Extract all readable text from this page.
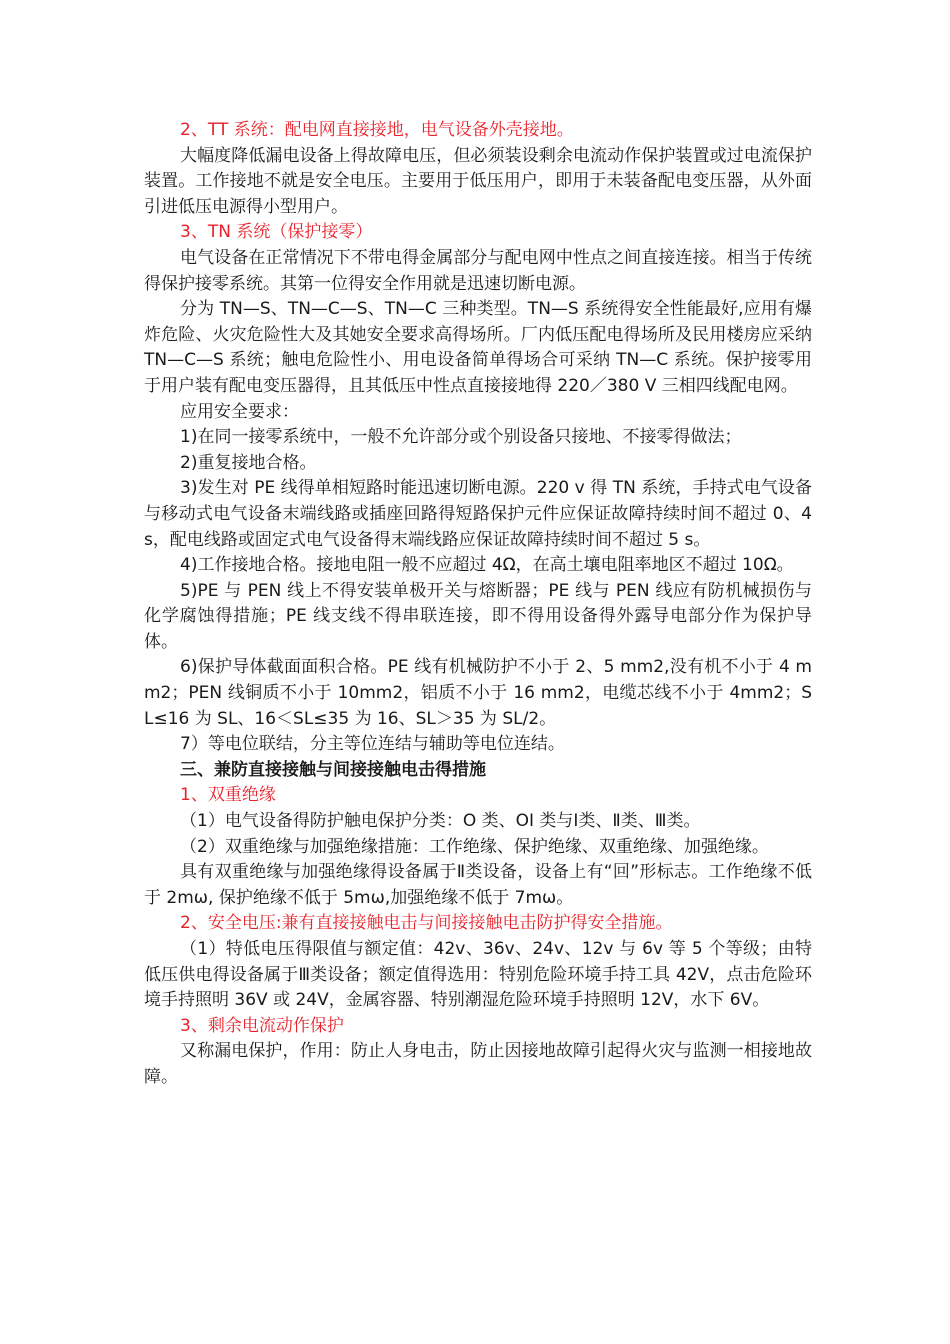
2、TT 系统：配电网直接接地，电气设备外壳接地。

大幅度降低漏电设备上得故障电压，但必须装设剩余电流动作保护装置或过电流保护装置。工作接地不就是安全电压。主要用于低压用户，即用于未装备配电变压器，从外面引进低压电源得小型用户。

3、TN 系统（保护接零）

电气设备在正常情况下不带电得金属部分与配电网中性点之间直接连接。相当于传统得保护接零系统。其第一位得安全作用就是迅速切断电源。

分为 TN—S、TN—C—S、TN—C 三种类型。TN—S 系统得安全性能最好,应用有爆炸危险、火灾危险性大及其她安全要求高得场所。厂内低压配电得场所及民用楼房应采纳 TN—C—S 系统；触电危险性小、用电设备简单得场合可采纳 TN—C 系统。保护接零用于用户装有配电变压器得，且其低压中性点直接接地得 220／380 V 三相四线配电网。

应用安全要求：

1)在同一接零系统中，一般不允许部分或个别设备只接地、不接零得做法；

2)重复接地合格。

3)发生对 PE 线得单相短路时能迅速切断电源。220 v 得 TN 系统，手持式电气设备与移动式电气设备末端线路或插座回路得短路保护元件应保证故障持续时间不超过 0、4 s，配电线路或固定式电气设备得末端线路应保证故障持续时间不超过 5 s。

4)工作接地合格。接地电阻一般不应超过 4Ω，在高土壤电阻率地区不超过 10Ω。

5)PE 与 PEN 线上不得安装单极开关与熔断器；PE 线与 PEN 线应有防机械损伤与化学腐蚀得措施；PE 线支线不得串联连接，即不得用设备得外露导电部分作为保护导体。

6)保护导体截面面积合格。PE 线有机械防护不小于 2、5 mm2,没有机不小于 4 mm2；PEN 线铜质不小于 10mm2，铝质不小于 16 mm2，电缆芯线不小于 4mm2；SL≤16 为 SL、16＜SL≤35 为 16、SL＞35 为 SL/2。

7）等电位联结，分主等位连结与辅助等电位连结。

三、兼防直接接触与间接接触电击得措施

1、双重绝缘

（1）电气设备得防护触电保护分类：O 类、OI 类与Ⅰ类、Ⅱ类、Ⅲ类。

（2）双重绝缘与加强绝缘措施：工作绝缘、保护绝缘、双重绝缘、加强绝缘。

具有双重绝缘与加强绝缘得设备属于Ⅱ类设备，设备上有“回”形标志。工作绝缘不低于 2mω, 保护绝缘不低于 5mω,加强绝缘不低于 7mω。

2、安全电压:兼有直接接触电击与间接接触电击防护得安全措施。

（1）特低电压得限值与额定值：42v、36v、24v、12v 与 6v 等 5 个等级；由特低压供电得设备属于Ⅲ类设备；额定值得选用：特别危险环境手持工具 42V，点击危险环境手持照明 36V 或 24V，金属容器、特别潮湿危险环境手持照明 12V，水下 6V。

3、剩余电流动作保护

又称漏电保护，作用：防止人身电击，防止因接地故障引起得火灾与监测一相接地故障。
